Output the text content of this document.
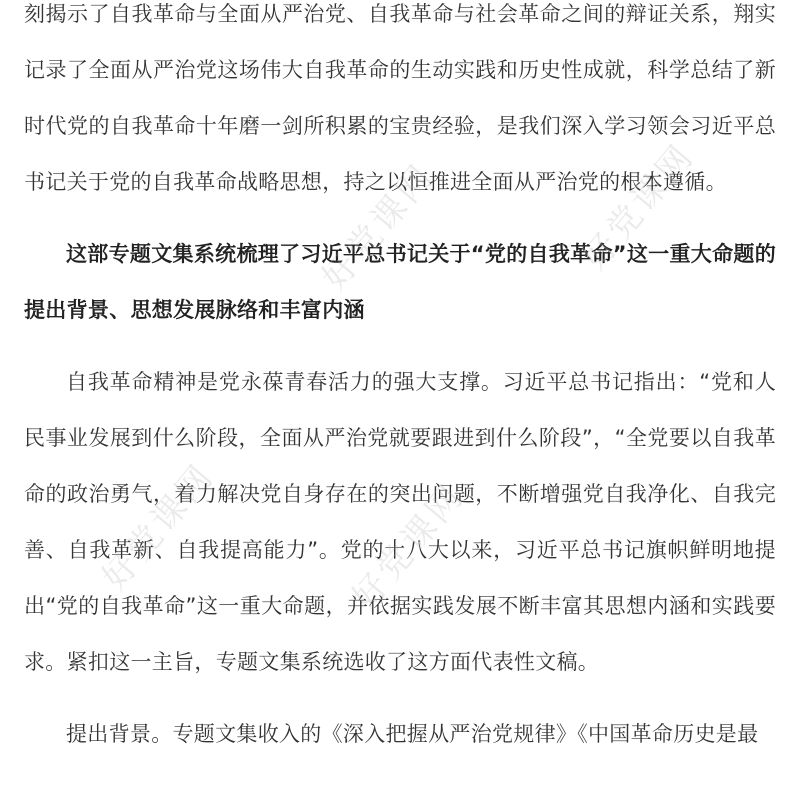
刻揭示了自我革命与全面从严治党、自我革命与社会革命之间的辩证关系，翔实记录了全面从严治党这场伟大自我革命的生动实践和历史性成就，科学总结了新时代党的自我革命十年磨一剑所积累的宝贵经验，是我们深入学习领会习近平总书记关于党的自我革命战略思想，持之以恒推进全面从严治党的根本遵循。

这部专题文集系统梳理了习近平总书记关于“党的自我革命”这一重大命题的提出背景、思想发展脉络和丰富内涵

自我革命精神是党永葆青春活力的强大支撑。习近平总书记指出：“党和人民事业发展到什么阶段，全面从严治党就要跟进到什么阶段”，“全党要以自我革命的政治勇气，着力解决党自身存在的突出问题，不断增强党自我净化、自我完善、自我革新、自我提高能力”。党的十八大以来，习近平总书记旗帜鲜明地提出“党的自我革命”这一重大命题，并依据实践发展不断丰富其思想内涵和实践要求。紧扣这一主旨，专题文集系统选收了这方面代表性文稿。

提出背景。专题文集收入的《深入把握从严治党规律》《中国革命历史是最

好党课网
好党课网	好党课网
好党课网
